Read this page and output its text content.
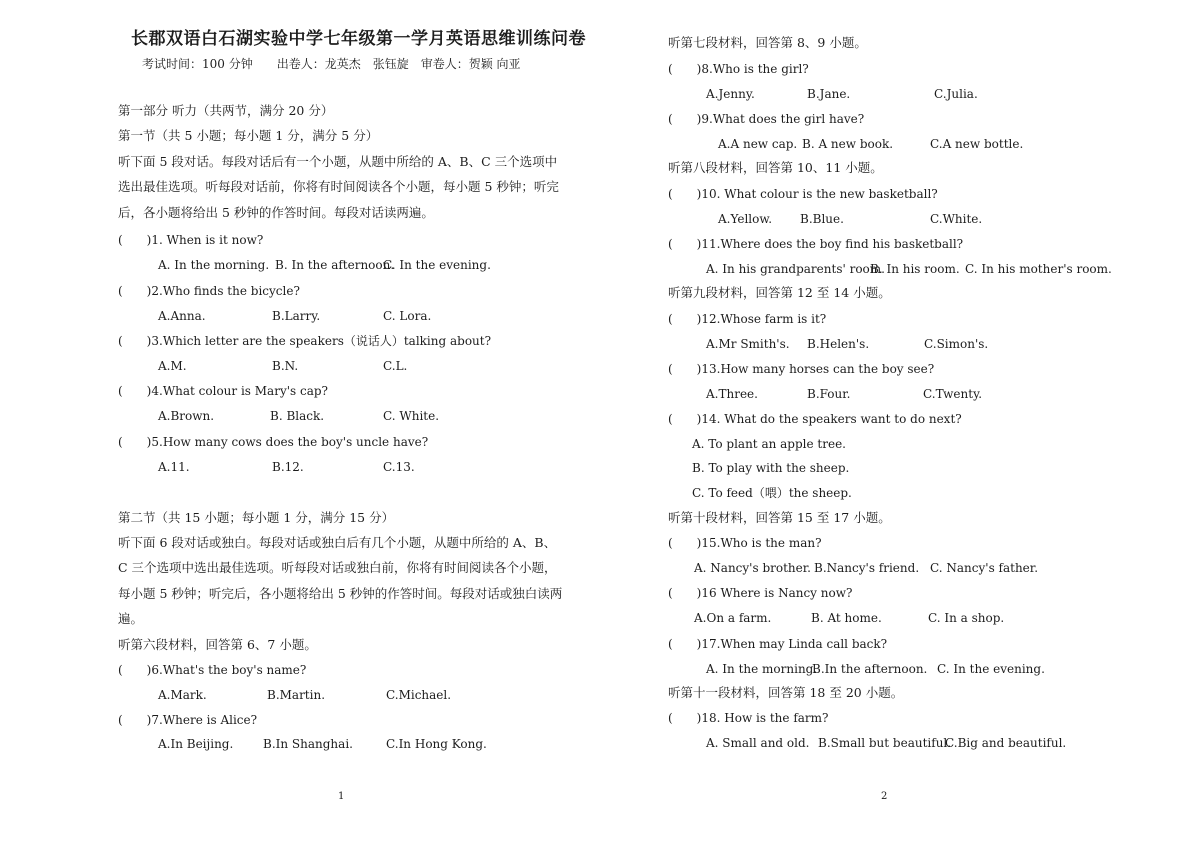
长郡双语白石湖实验中学七年级第一学月英语思维训练问卷
考试时间：100 分钟　　出卷人：龙英杰　张钰旋　审卷人：贺颖 向亚
第一部分 听力（共两节，满分 20 分）
第一节（共 5 小题；每小题 1 分，满分 5 分）
听下面 5 段对话。每段对话后有一个小题，从题中所给的 A、B、C 三个选项中
选出最佳选项。听每段对话前，你将有时间阅读各个小题，每小题 5 秒钟；听完
后，各小题将给出 5 秒钟的作答时间。每段对话读两遍。
(　　)1. When is it now?
A. In the morning. B. In the afternoon.
C. In the evening.
(　　)2.Who finds the bicycle?
A.Anna.	B.Larry.	C. Lora.
(　　)3.Which letter are the speakers（说话人）talking about?
A.M.	B.N.	C.L.
(　　)4.What colour is Mary's cap?
A.Brown.	B. Black.	C. White.
(　　)5.How many cows does the boy's uncle have?
A.11.	B.12.	C.13.
第二节（共 15 小题；每小题 1 分，满分 15 分）
听下面 6 段对话或独白。每段对话或独白后有几个小题，从题中所给的 A、B、
C 三个选项中选出最佳选项。听每段对话或独白前，你将有时间阅读各个小题，
每小题 5 秒钟；听完后，各小题将给出 5 秒钟的作答时间。每段对话或独白读两
遍。
听第六段材料，回答第 6、7 小题。
(　　)6.What's the boy's name?
A.Mark.	B.Martin.	C.Michael.
(　　)7.Where is Alice?
A.In Beijing. B.In Shanghai.	C.In Hong Kong.
1
听第七段材料，回答第 8、9 小题。
(　　)8.Who is the girl?
A.Jenny.	B.Jane.	C.Julia.
(　　)9.What does the girl have?
A.A new cap. B. A new book.	C.A new bottle.
听第八段材料，回答第 10、11 小题。
(　　)10. What colour is the new basketball?
A.Yellow. B.Blue.	C.White.
(　　)11.Where does the boy find his basketball?
A. In his grandparents' room.
B. In his room. C. In his mother's room.
听第九段材料，回答第 12 至 14 小题。
(　　)12.Whose farm is it?
A.Mr Smith's. B.Helen's.	C.Simon's.
(　　)13.How many horses can the boy see?
A.Three.	B.Four.	C.Twenty.
(　　)14. What do the speakers want to do next?
A. To plant an apple tree.
B. To play with the sheep.
C. To feed（喂）the sheep.
听第十段材料，回答第 15 至 17 小题。
(　　)15.Who is the man?
A. Nancy's brother. B.Nancy's friend. C. Nancy's father.
(　　)16 Where is Nancy now?
A.On a farm.	B. At home.	C. In a shop.
(　　)17.When may Linda call back?
A. In the morning.
B.In the afternoon. C. In the evening.
听第十一段材料，回答第 18 至 20 小题。
(　　)18. How is the farm?
A. Small and old. B.Small but beautiful.
C.Big and beautiful.
2
